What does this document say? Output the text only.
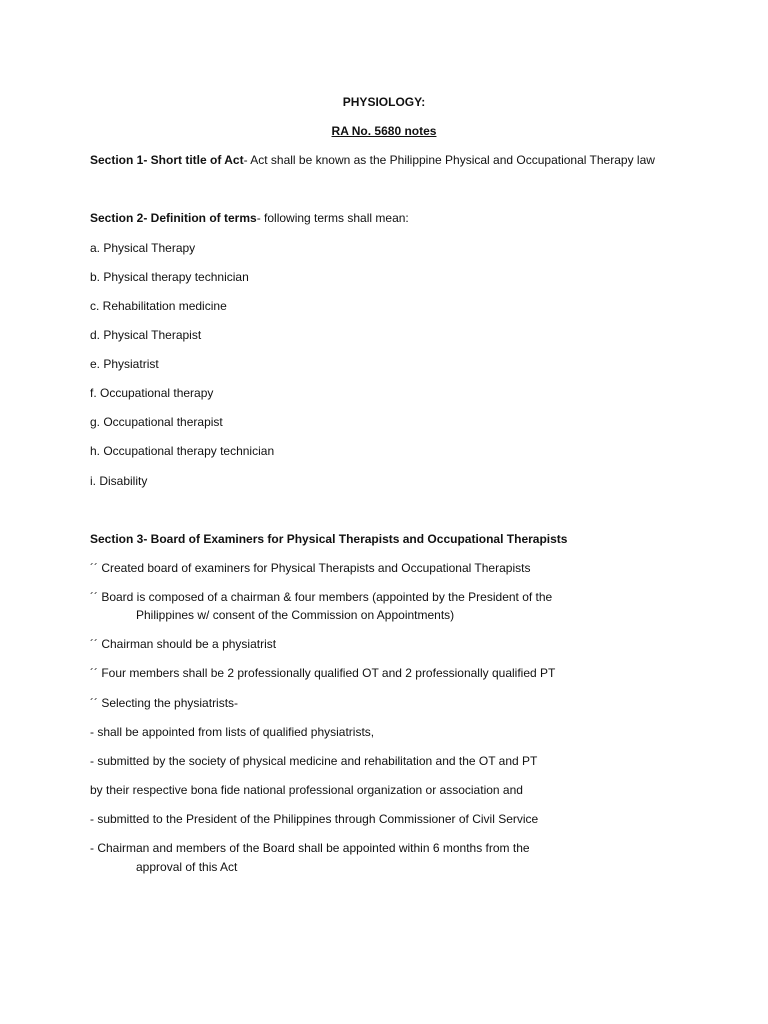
PHYSIOLOGY:
RA No. 5680 notes
Section 1- Short title of Act- Act shall be known as the Philippine Physical and Occupational Therapy law
Section 2- Definition of terms- following terms shall mean:
a. Physical Therapy
b. Physical therapy technician
c. Rehabilitation medicine
d. Physical Therapist
e. Physiatrist
f. Occupational therapy
g. Occupational therapist
h. Occupational therapy technician
i. Disability
Section 3- Board of Examiners for Physical Therapists and Occupational Therapists
´´ Created board of examiners for Physical Therapists and Occupational Therapists
´´ Board is composed of a chairman & four members (appointed by the President of the
Philippines w/ consent of the Commission on Appointments)
´´ Chairman should be a physiatrist
´´ Four members shall be 2 professionally qualified OT and 2 professionally qualified PT
´´ Selecting the physiatrists-
- shall be appointed from lists of qualified physiatrists,
- submitted by the society of physical medicine and rehabilitation and the OT and PT
by their respective bona fide national professional organization or association and
- submitted to the President of the Philippines through Commissioner of Civil Service
- Chairman and members of the Board shall be appointed within 6 months from the
approval of this Act
